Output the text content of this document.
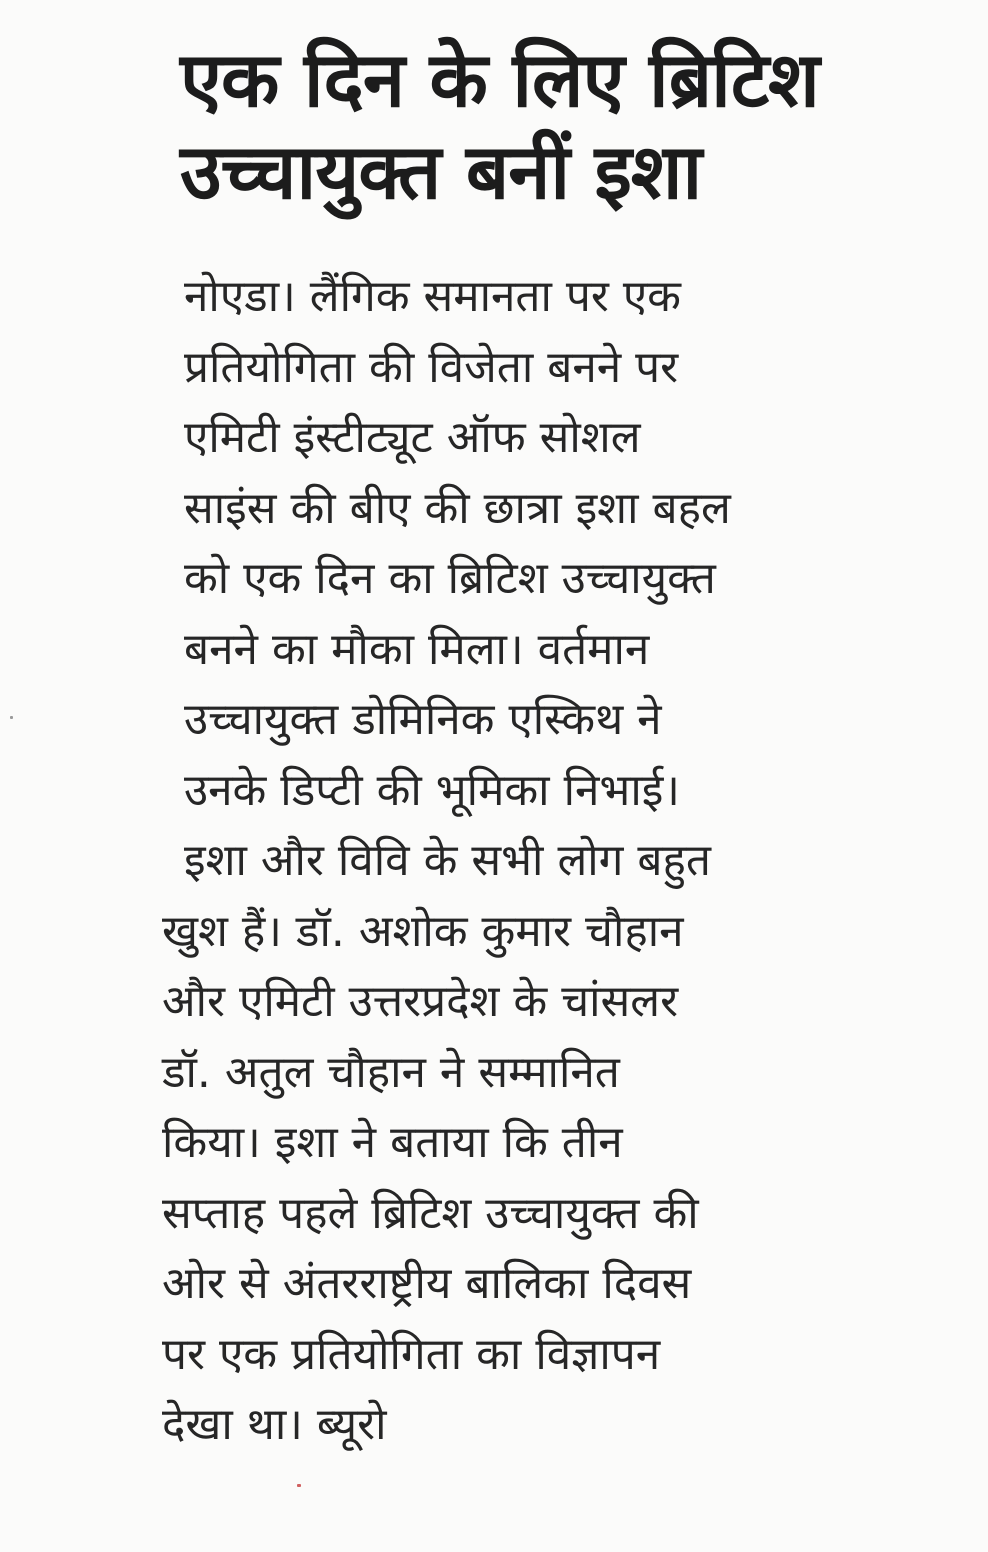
एक दिन के लिए ब्रिटिश
उच्चायुक्त बनीं इशा
नोएडा। लैंगिक समानता पर एक
प्रतियोगिता की विजेता बनने पर
एमिटी इंस्टीट्यूट ऑफ सोशल
साइंस की बीए की छात्रा इशा बहल
को एक दिन का ब्रिटिश उच्चायुक्त
बनने का मौका मिला। वर्तमान
उच्चायुक्त डोमिनिक एस्किथ ने
उनके डिप्टी की भूमिका निभाई।
इशा और विवि के सभी लोग बहुत
खुश हैं। डॉ. अशोक कुमार चौहान
और एमिटी उत्तरप्रदेश के चांसलर
डॉ. अतुल चौहान ने सम्मानित
किया। इशा ने बताया कि तीन
सप्ताह पहले ब्रिटिश उच्चायुक्त की
ओर से अंतरराष्ट्रीय बालिका दिवस
पर एक प्रतियोगिता का विज्ञापन
देखा था। ब्यूरो
